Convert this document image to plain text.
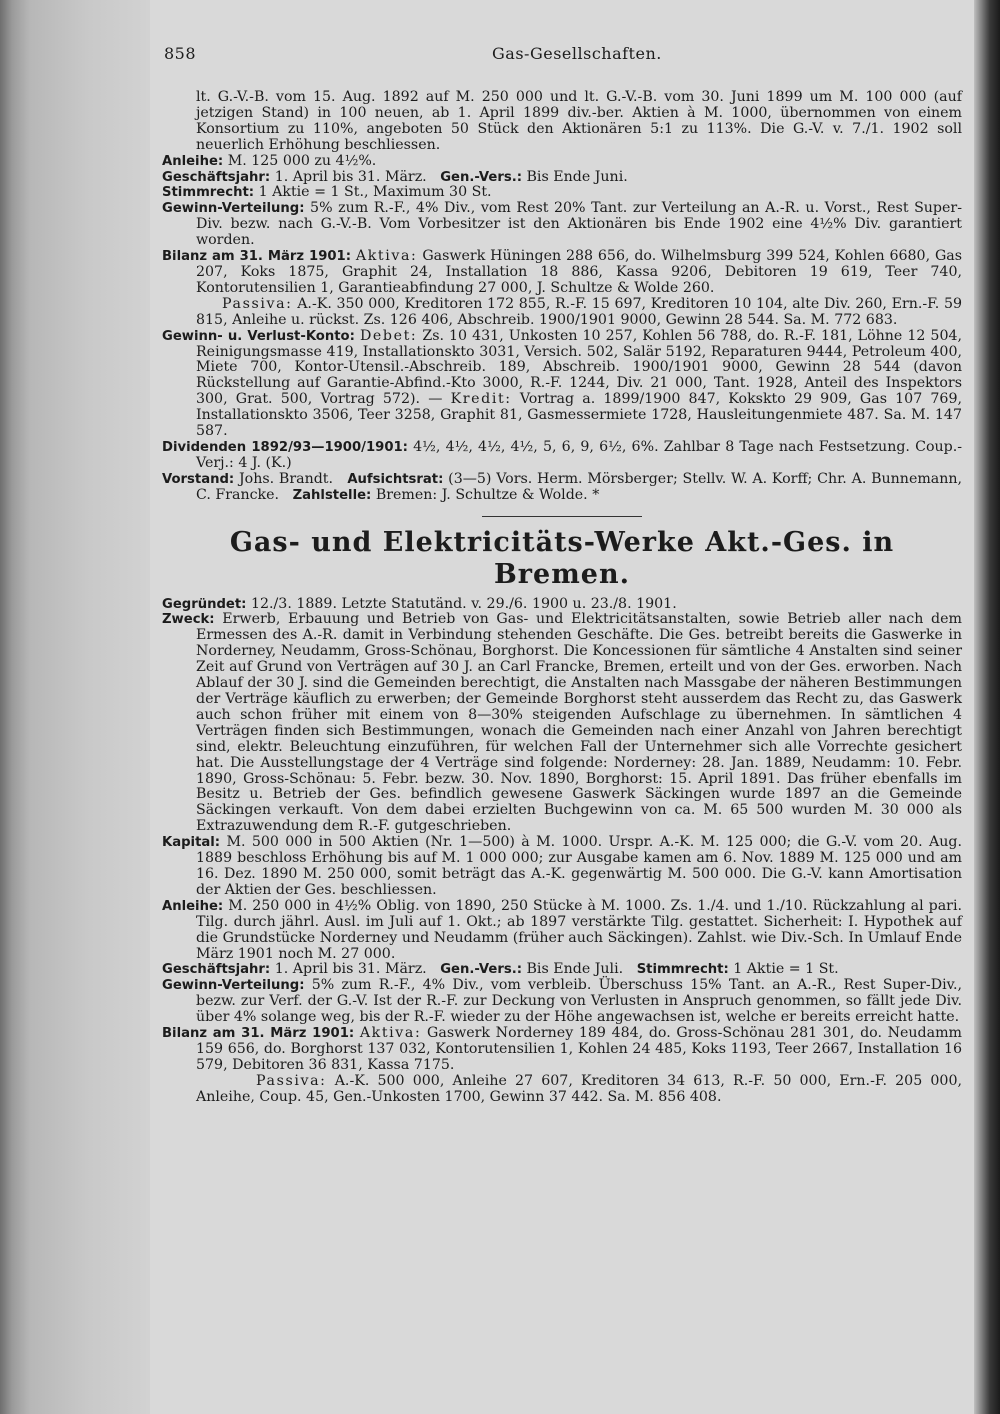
858	Gas-Gesellschaften.

lt. G.-V.-B. vom 15. Aug. 1892 auf M. 250 000 und lt. G.-V.-B. vom 30. Juni 1899 um M. 100 000 (auf jetzigen Stand) in 100 neuen, ab 1. April 1899 div.-ber. Aktien à M. 1000, übernommen von einem Konsortium zu 110%, angeboten 50 Stück den Aktionären 5:1 zu 113%. Die G.-V. v. 7./1. 1902 soll neuerlich Erhöhung beschliessen.

Anleihe: M. 125 000 zu 4½%.

Geschäftsjahr: 1. April bis 31. März. Gen.-Vers.: Bis Ende Juni.

Stimmrecht: 1 Aktie = 1 St., Maximum 30 St.

Gewinn-Verteilung: 5% zum R.-F., 4% Div., vom Rest 20% Tant. zur Verteilung an A.-R. u. Vorst., Rest Super-Div. bezw. nach G.-V.-B. Vom Vorbesitzer ist den Aktionären bis Ende 1902 eine 4½% Div. garantiert worden.

Bilanz am 31. März 1901: Aktiva: Gaswerk Hüningen 288 656, do. Wilhelmsburg 399 524, Kohlen 6680, Gas 207, Koks 1875, Graphit 24, Installation 18 886, Kassa 9206, Debitoren 19 619, Teer 740, Kontorutensilien 1, Garantieabfindung 27 000, J. Schultze & Wolde 260.

Passiva: A.-K. 350 000, Kreditoren 172 855, R.-F. 15 697, Kreditoren 10 104, alte Div. 260, Ern.-F. 59 815, Anleihe u. rückst. Zs. 126 406, Abschreib. 1900/1901 9000, Gewinn 28 544. Sa. M. 772 683.

Gewinn- u. Verlust-Konto: Debet: Zs. 10 431, Unkosten 10 257, Kohlen 56 788, do. R.-F. 181, Löhne 12 504, Reinigungsmasse 419, Installationskto 3031, Versich. 502, Salär 5192, Reparaturen 9444, Petroleum 400, Miete 700, Kontor-Utensil.-Abschreib. 189, Abschreib. 1900/1901 9000, Gewinn 28 544 (davon Rückstellung auf Garantie-Abfind.-Kto 3000, R.-F. 1244, Div. 21 000, Tant. 1928, Anteil des Inspektors 300, Grat. 500, Vortrag 572). — Kredit: Vortrag a. 1899/1900 847, Kokskto 29 909, Gas 107 769, Installationskto 3506, Teer 3258, Graphit 81, Gasmessermiete 1728, Hausleitungenmiete 487. Sa. M. 147 587.

Dividenden 1892/93—1900/1901: 4½, 4½, 4½, 4½, 5, 6, 9, 6½, 6%. Zahlbar 8 Tage nach Festsetzung. Coup.-Verj.: 4 J. (K.)

Vorstand: Johs. Brandt. Aufsichtsrat: (3—5) Vors. Herm. Mörsberger; Stellv. W. A. Korff; Chr. A. Bunnemann, C. Francke. Zahlstelle: Bremen: J. Schultze & Wolde. *

Gas- und Elektricitäts-Werke Akt.-Ges. in Bremen.

Gegründet: 12./3. 1889. Letzte Statutänd. v. 29./6. 1900 u. 23./8. 1901.

Zweck: Erwerb, Erbauung und Betrieb von Gas- und Elektricitätsanstalten, sowie Betrieb aller nach dem Ermessen des A.-R. damit in Verbindung stehenden Geschäfte. Die Ges. betreibt bereits die Gaswerke in Norderney, Neudamm, Gross-Schönau, Borghorst. Die Koncessionen für sämtliche 4 Anstalten sind seiner Zeit auf Grund von Verträgen auf 30 J. an Carl Francke, Bremen, erteilt und von der Ges. erworben. Nach Ablauf der 30 J. sind die Gemeinden berechtigt, die Anstalten nach Massgabe der näheren Bestimmungen der Verträge käuflich zu erwerben; der Gemeinde Borghorst steht ausserdem das Recht zu, das Gaswerk auch schon früher mit einem von 8—30% steigenden Aufschlage zu übernehmen. In sämtlichen 4 Verträgen finden sich Bestimmungen, wonach die Gemeinden nach einer Anzahl von Jahren berechtigt sind, elektr. Beleuchtung einzuführen, für welchen Fall der Unternehmer sich alle Vorrechte gesichert hat. Die Ausstellungstage der 4 Verträge sind folgende: Norderney: 28. Jan. 1889, Neudamm: 10. Febr. 1890, Gross-Schönau: 5. Febr. bezw. 30. Nov. 1890, Borghorst: 15. April 1891. Das früher ebenfalls im Besitz u. Betrieb der Ges. befindlich gewesene Gaswerk Säckingen wurde 1897 an die Gemeinde Säckingen verkauft. Von dem dabei erzielten Buchgewinn von ca. M. 65 500 wurden M. 30 000 als Extrazuwendung dem R.-F. gutgeschrieben.

Kapital: M. 500 000 in 500 Aktien (Nr. 1—500) à M. 1000. Urspr. A.-K. M. 125 000; die G.-V. vom 20. Aug. 1889 beschloss Erhöhung bis auf M. 1 000 000; zur Ausgabe kamen am 6. Nov. 1889 M. 125 000 und am 16. Dez. 1890 M. 250 000, somit beträgt das A.-K. gegenwärtig M. 500 000. Die G.-V. kann Amortisation der Aktien der Ges. beschliessen.

Anleihe: M. 250 000 in 4½% Oblig. von 1890, 250 Stücke à M. 1000. Zs. 1./4. und 1./10. Rückzahlung al pari. Tilg. durch jährl. Ausl. im Juli auf 1. Okt.; ab 1897 verstärkte Tilg. gestattet. Sicherheit: I. Hypothek auf die Grundstücke Norderney und Neudamm (früher auch Säckingen). Zahlst. wie Div.-Sch. In Umlauf Ende März 1901 noch M. 27 000.

Geschäftsjahr: 1. April bis 31. März. Gen.-Vers.: Bis Ende Juli. Stimmrecht: 1 Aktie = 1 St.

Gewinn-Verteilung: 5% zum R.-F., 4% Div., vom verbleib. Überschuss 15% Tant. an A.-R., Rest Super-Div., bezw. zur Verf. der G.-V. Ist der R.-F. zur Deckung von Verlusten in Anspruch genommen, so fällt jede Div. über 4% solange weg, bis der R.-F. wieder zu der Höhe angewachsen ist, welche er bereits erreicht hatte.

Bilanz am 31. März 1901: Aktiva: Gaswerk Norderney 189 484, do. Gross-Schönau 281 301, do. Neudamm 159 656, do. Borghorst 137 032, Kontorutensilien 1, Kohlen 24 485, Koks 1193, Teer 2667, Installation 16 579, Debitoren 36 831, Kassa 7175.

Passiva: A.-K. 500 000, Anleihe 27 607, Kreditoren 34 613, R.-F. 50 000, Ern.-F. 205 000, Anleihe, Coup. 45, Gen.-Unkosten 1700, Gewinn 37 442. Sa. M. 856 408.
